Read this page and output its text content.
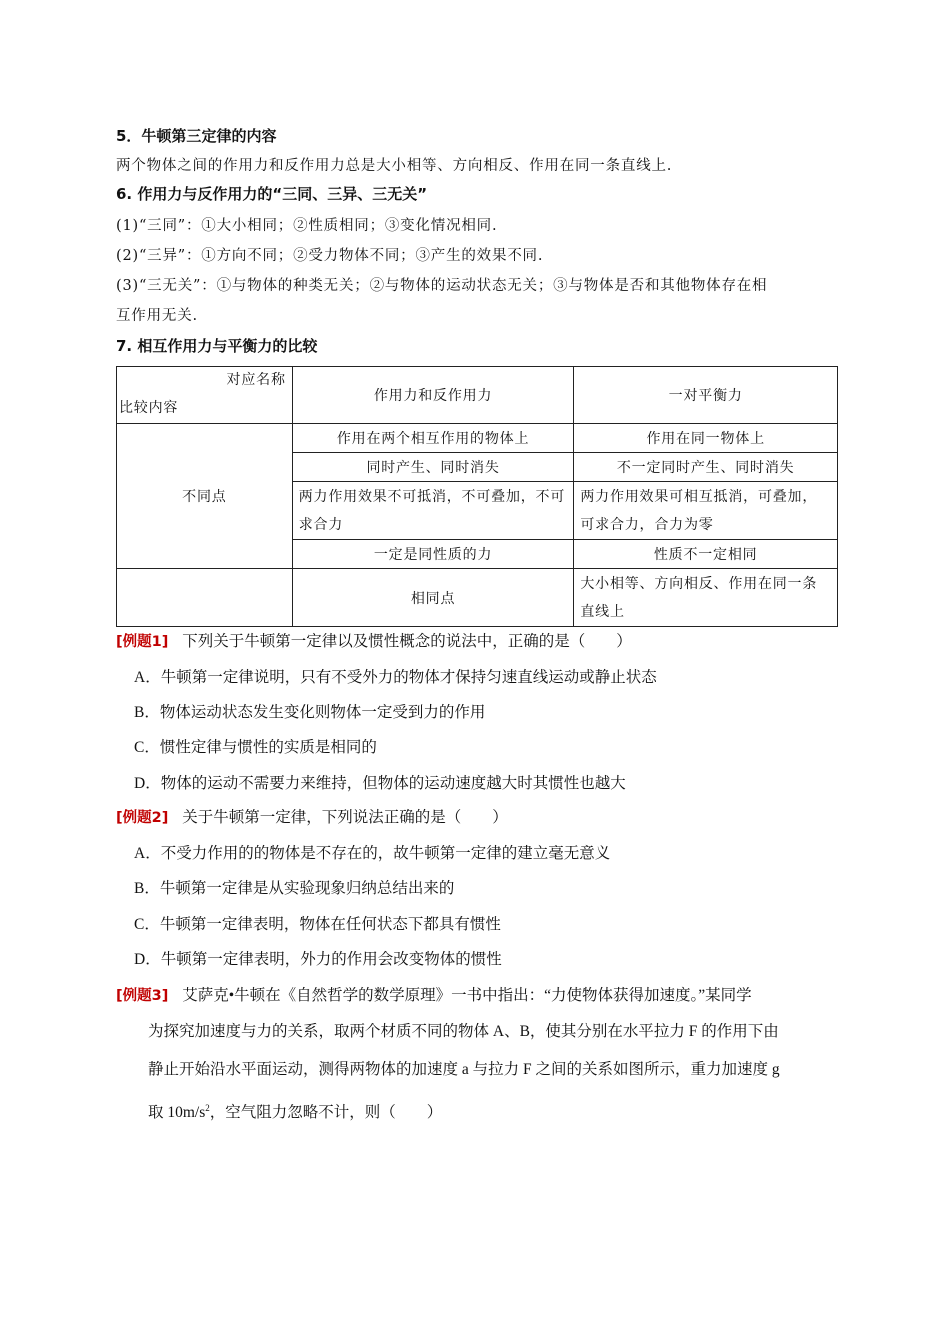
5．牛顿第三定律的内容
两个物体之间的作用力和反作用力总是大小相等、方向相反、作用在同一条直线上.
6. 作用力与反作用力的“三同、三异、三无关”
(1)“三同”：①大小相同；②性质相同；③变化情况相同.
(2)“三异”：①方向不同；②受力物体不同；③产生的效果不同.
(3)“三无关”：①与物体的种类无关；②与物体的运动状态无关；③与物体是否和其他物体存在相
互作用无关.
7. 相互作用力与平衡力的比较
对应名称
比较内容	作用力和反作用力	一对平衡力
不同点	作用在两个相互作用的物体上	作用在同一物体上
	同时产生、同时消失	不一定同时产生、同时消失
	两力作用效果不可抵消，不可叠加，不可求合力	两力作用效果可相互抵消，可叠加，可求合力，合力为零
	一定是同性质的力	性质不一定相同
	相同点	大小相等、方向相反、作用在同一条直线上
[例题1] 下列关于牛顿第一定律以及惯性概念的说法中，正确的是（　　）
A．牛顿第一定律说明，只有不受外力的物体才保持匀速直线运动或静止状态
B．物体运动状态发生变化则物体一定受到力的作用
C．惯性定律与惯性的实质是相同的
D．物体的运动不需要力来维持，但物体的运动速度越大时其惯性也越大
[例题2] 关于牛顿第一定律，下列说法正确的是（　　）
A．不受力作用的的物体是不存在的，故牛顿第一定律的建立毫无意义
B．牛顿第一定律是从实验现象归纳总结出来的
C．牛顿第一定律表明，物体在任何状态下都具有惯性
D．牛顿第一定律表明，外力的作用会改变物体的惯性
[例题3] 艾萨克•牛顿在《自然哲学的数学原理》一书中指出：“力使物体获得加速度。”某同学
为探究加速度与力的关系，取两个材质不同的物体 A、B，使其分别在水平拉力 F 的作用下由
静止开始沿水平面运动，测得两物体的加速度 a 与拉力 F 之间的关系如图所示，重力加速度 g
取 $10m/s^2$，空气阻力忽略不计，则（　　）
